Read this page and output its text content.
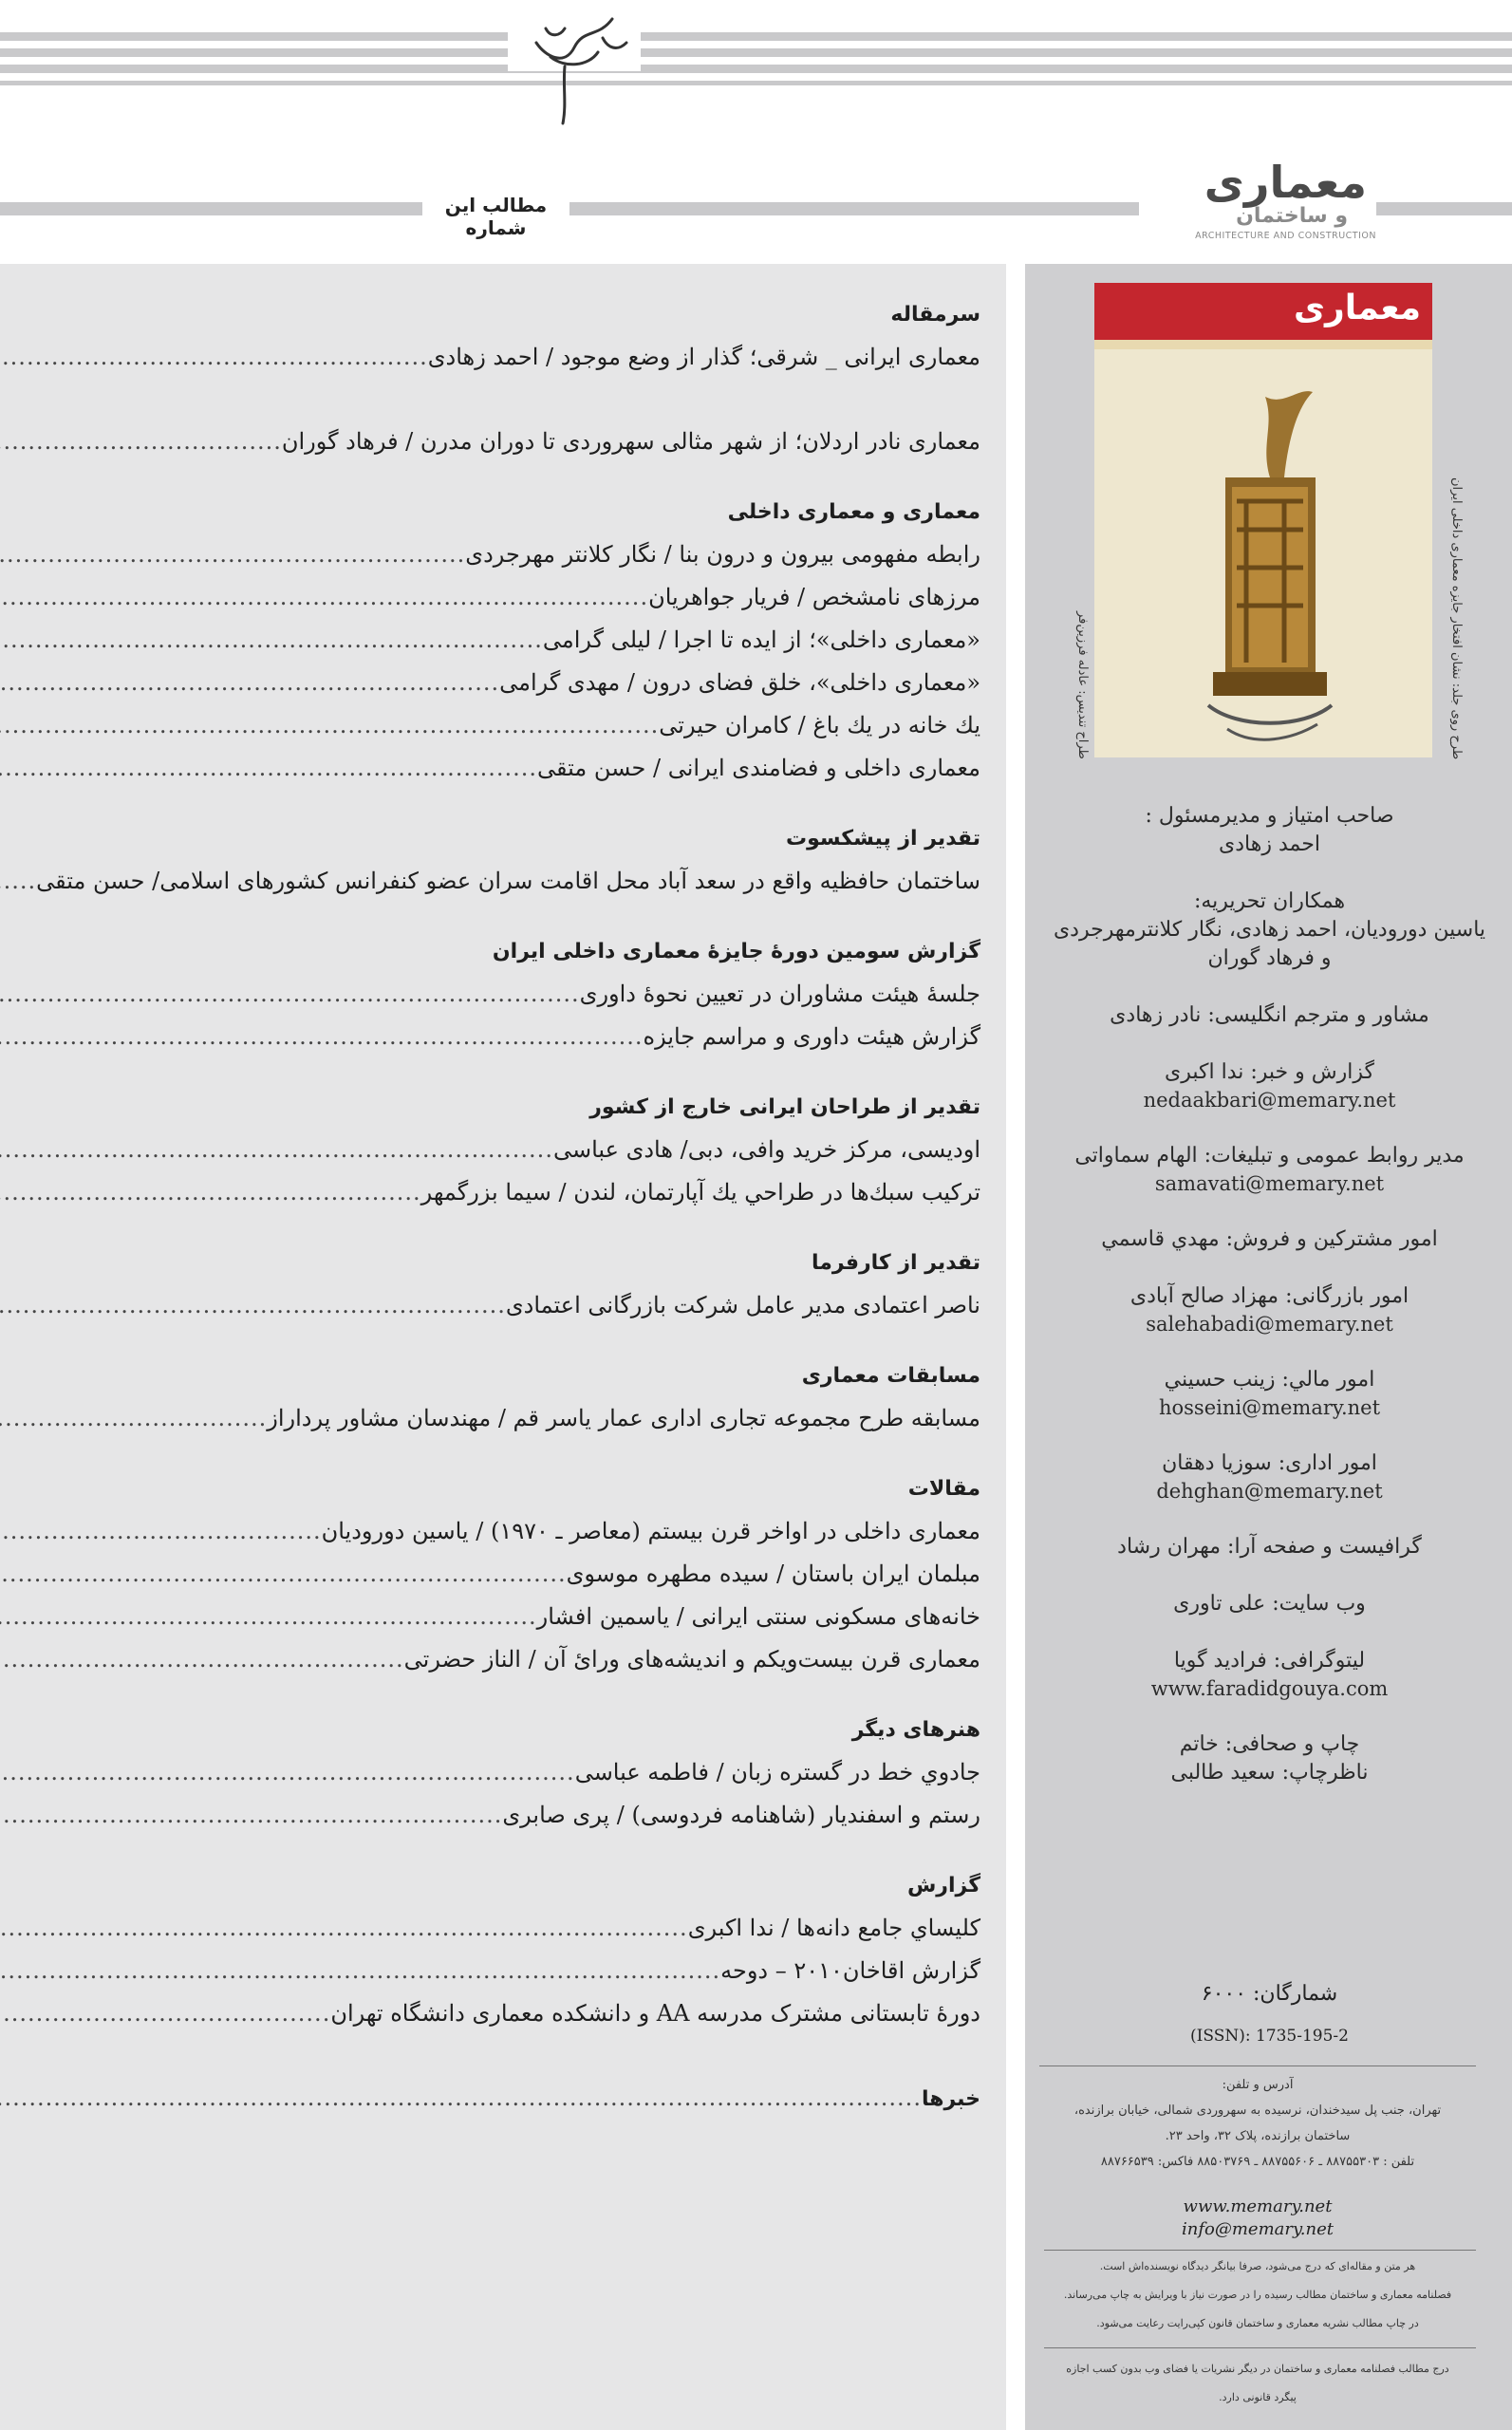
مطالب این شماره
معماری
و ساختمان
ARCHITECTURE AND CONSTRUCTION
سرمقاله
معماری ایرانی _ شرقی؛ گذار از وضع موجود / احمد زهادی
.....
معماری نادر اردلان؛ از شهر مثالی سهروردی تا دوران مدرن / فرهاد گوران
.....
معماری و معماری داخلی
رابطه مفهومی بیرون و درون بنا / نگار کلانتر مهرجردی
.....
مرزهای نامشخص / فریار جواهریان
.....
«معماری داخلی»؛ از ایده تا اجرا / لیلی گرامی
.....
«معماری داخلی»، خلق فضای درون / مهدی گرامی
.....
یك خانه در یك باغ / كامران حیرتی
.....
معماری داخلی و فضامندی ایرانی / حسن متقی
.....
تقدیر از پیشکسوت
ساختمان حافظیه واقع در سعد آباد محل اقامت سران عضو کنفرانس کشورهای اسلامی/ حسن متقی
.....
گزارش سومین دورۀ جایزۀ معماری داخلی ایران
جلسۀ هیئت مشاوران در تعیین نحوۀ داوری
.....
گزارش هیئت داوری و مراسم جایزه
.....
تقدیر از طراحان ایرانی خارج از کشور
اودیسی، مرکز خرید وافی، دبی/ هادی عباسی
.....
ترکیب سبك‌ها در طراحي يك آپارتمان، لندن / سيما بزرگمهر
.....
تقدیر از کارفرما
ناصر اعتمادی مدیر عامل شرکت بازرگانی اعتمادی
.....
مسابقات معماری
مسابقه طرح مجموعه تجاری اداری عمار یاسر قم / مهندسان مشاور پرداراز
.....
مقالات
معماری داخلی در اواخر قرن بیستم (معاصر ـ ۱۹۷۰) / یاسین دورودیان
.....
مبلمان ایران باستان / سیده مطهره موسوی
.....
خانه‌های مسکونی سنتی ایرانی / یاسمین افشار
.....
معماری قرن بیست‌ویکم و اندیشه‌های ورائ آن / الناز حضرتی
.....
هنرهای دیگر
جادوي خط در گستره زبان / فاطمه عباسی
.....
رستم و اسفندیار (شاهنامه فردوسی) / پری صابری
.....
گزارش
کلیساي جامع دانه‌ها / ندا اکبری
.....
گزارش اقاخان۲۰۱۰ – دوحه
.....
دورۀ تابستانی مشترک مدرسه AA و دانشکده معماری دانشگاه تهران
.....
خبرها
.....
معماری
طرح روی جلد: نشان افتخار جایزه معماری داخلی ایران
طراح تندیس: عادله فرزین‌فر
صاحب امتیاز و مدیرمسئول :
احمد زهادی
همکاران تحریریه:
یاسین دورودیان، احمد زهادی، نگار کلانترمهرجردی
و فرهاد گوران
مشاور و مترجم انگلیسی: نادر زهادی
گزارش و خبر: ندا اکبری
nedaakbari@memary.net
مدیر روابط عمومی و تبلیغات: الهام سماواتی
samavati@memary.net
امور مشترکین و فروش: مهدي قاسمي
امور بازرگانی: مهزاد صالح آبادی
salehabadi@memary.net
امور مالي: زينب حسيني
hosseini@memary.net
امور اداری: سوزيا دهقان
dehghan@memary.net
گرافیست و صفحه آرا: مهران رشاد
وب سایت: علی تاوری
لیتوگرافی: فرادید گویا
www.faradidgouya.com
چاپ و صحافی: خاتم
ناظرچاپ: سعید طالبی
شمارگان: ۶۰۰۰
(ISSN): 1735-195-2
آدرس و تلفن:
تهران، جنب پل سیدخندان، نرسیده به سهروردی شمالی، خیابان برازنده،
ساختمان برازنده، پلاک ۳۲، واحد ۲۳.
تلفن : ۸۸۷۵۵۳۰۳ ـ ۸۸۷۵۵۶۰۶ ـ ۸۸۵۰۳۷۶۹ فاکس: ۸۸۷۶۶۵۳۹
www.memary.net
info@memary.net
هر متن و مقاله‌ای که درج می‌شود، صرفا بیانگر دیدگاه نویسنده‌اش است.
فصلنامه معماری و ساختمان مطالب رسیده را در صورت نیاز با ویرایش به چاپ می‌رساند.
در چاپ مطالب نشریه معماری و ساختمان قانون کپی‌رایت رعایت می‌شود.
درج مطالب فصلنامه معماری و ساختمان در دیگر نشریات یا فضای وب بدون کسب اجازه
پیگرد قانونی دارد.
